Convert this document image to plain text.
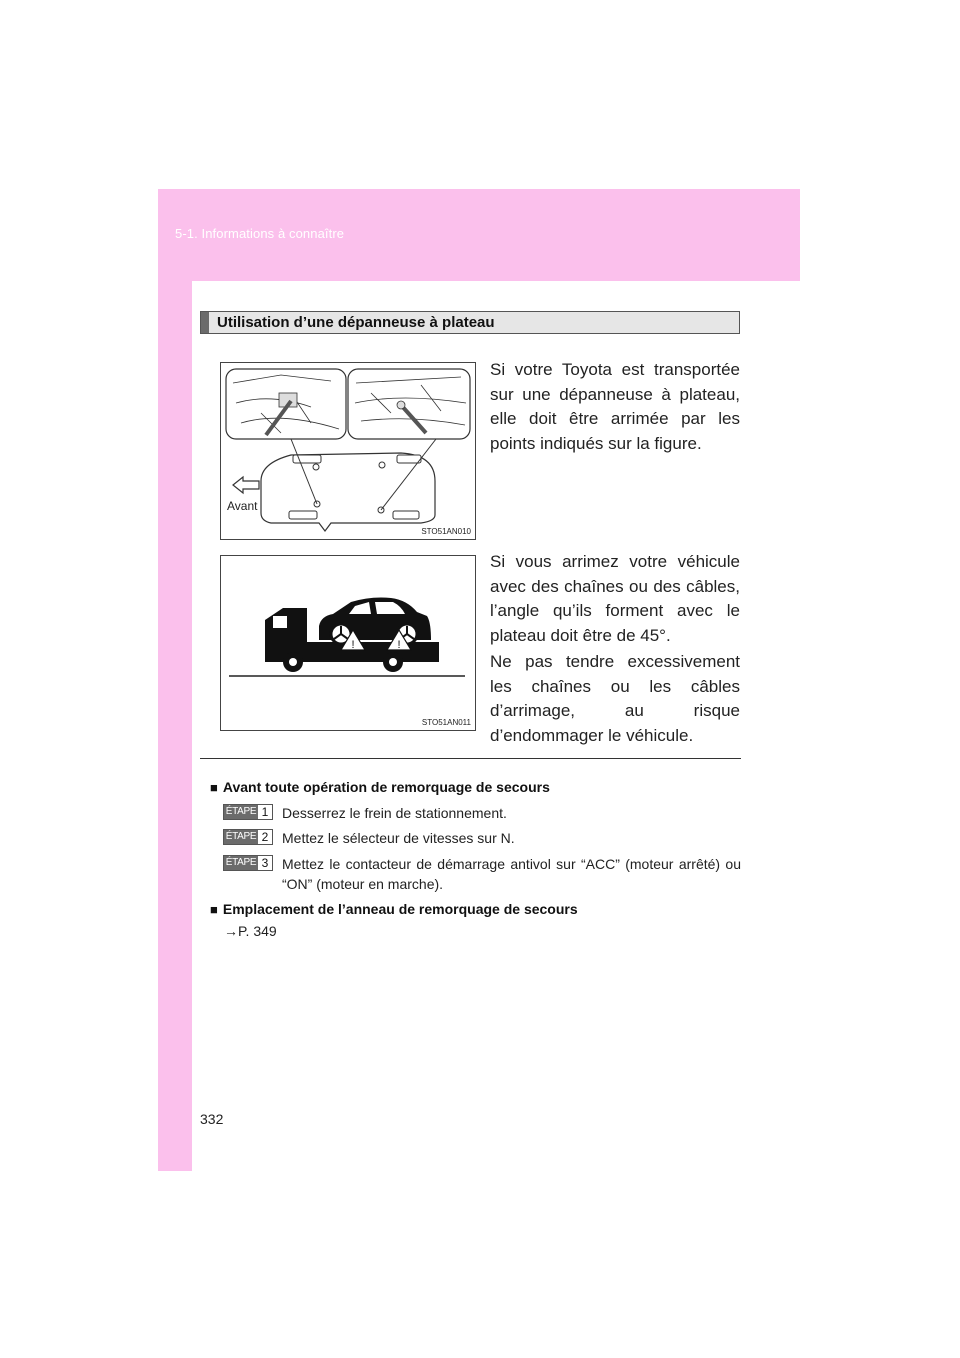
5-1. Informations à connaître
Utilisation d’une dépanneuse à plateau
Avant
STO51AN010
!	!
STO51AN011
Si votre Toyota est transportée sur une dépanneuse à plateau, elle doit être arrimée par les points indiqués sur la figure.
Si vous arrimez votre véhicule avec des chaînes ou des câbles, l’angle qu’ils forment avec le plateau doit être de 45°.
Ne pas tendre excessivement les chaînes ou les câbles d’arrimage, au risque d’endommager le véhicule.
■ Avant toute opération de remorquage de secours
ÉTAPE 1 Desserrez le frein de stationnement.
ÉTAPE 2 Mettez le sélecteur de vitesses sur N.
ÉTAPE 3 Mettez le contacteur de démarrage antivol sur “ACC” (moteur arrêté) ou “ON” (moteur en marche).
■ Emplacement de l’anneau de remorquage de secours
→P. 349
332
